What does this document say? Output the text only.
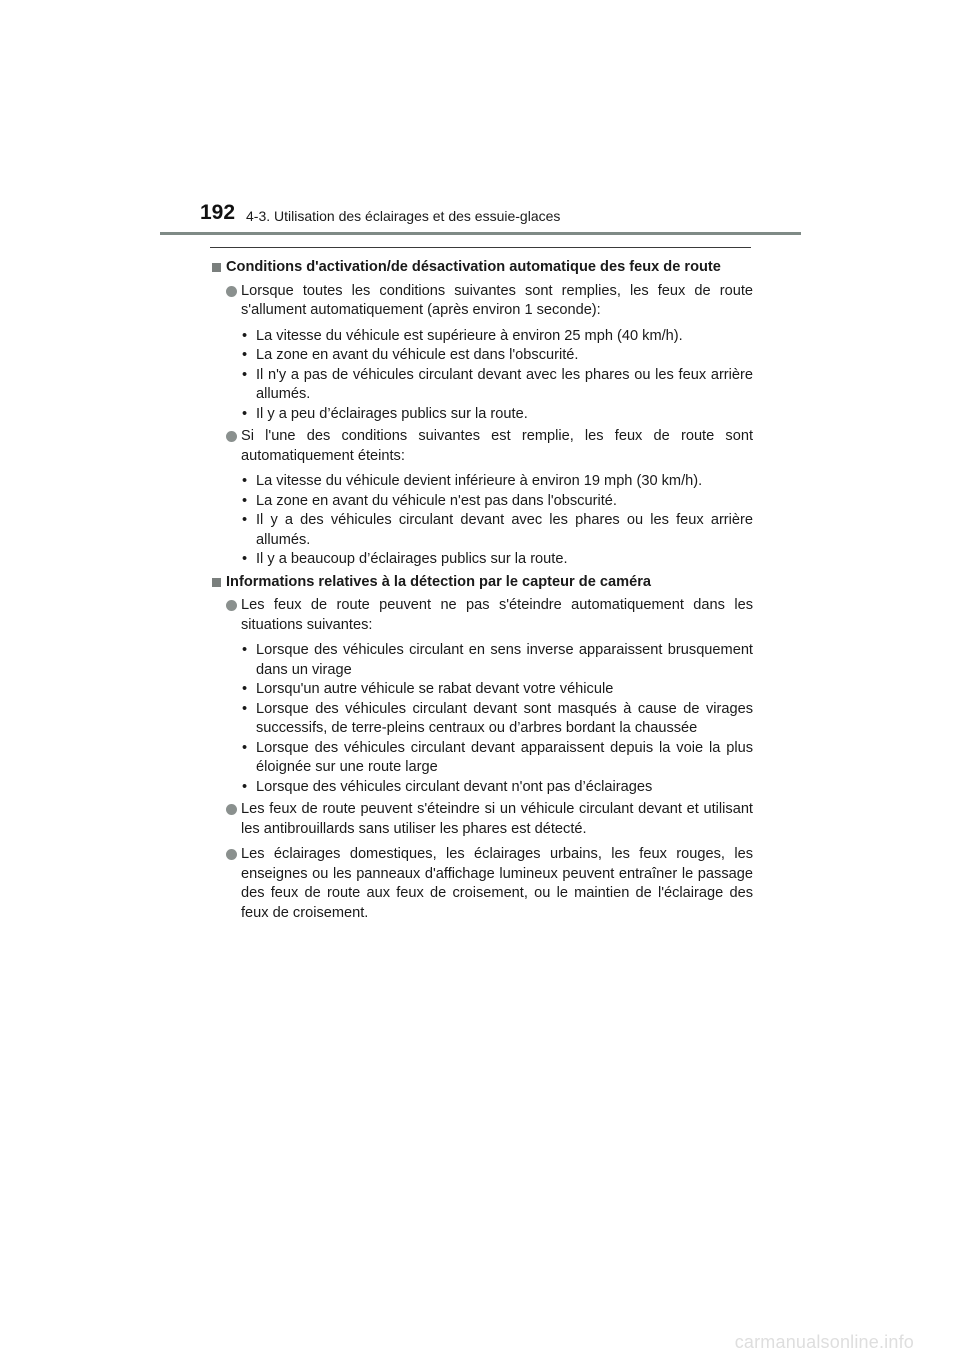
192 4-3. Utilisation des éclairages et des essuie-glaces
Conditions d'activation/de désactivation automatique des feux de route
Lorsque toutes les conditions suivantes sont remplies, les feux de route s'allument automatiquement (après environ 1 seconde):
• La vitesse du véhicule est supérieure à environ 25 mph (40 km/h).
• La zone en avant du véhicule est dans l'obscurité.
• Il n'y a pas de véhicules circulant devant avec les phares ou les feux arrière allumés.
• Il y a peu d’éclairages publics sur la route.
Si l'une des conditions suivantes est remplie, les feux de route sont automatiquement éteints:
• La vitesse du véhicule devient inférieure à environ 19 mph (30 km/h).
• La zone en avant du véhicule n'est pas dans l'obscurité.
• Il y a des véhicules circulant devant avec les phares ou les feux arrière allumés.
• Il y a beaucoup d’éclairages publics sur la route.
Informations relatives à la détection par le capteur de caméra
Les feux de route peuvent ne pas s'éteindre automatiquement dans les situations suivantes:
• Lorsque des véhicules circulant en sens inverse apparaissent brusquement dans un virage
• Lorsqu'un autre véhicule se rabat devant votre véhicule
• Lorsque des véhicules circulant devant sont masqués à cause de virages successifs, de terre-pleins centraux ou d’arbres bordant la chaussée
• Lorsque des véhicules circulant devant apparaissent depuis la voie la plus éloignée sur une route large
• Lorsque des véhicules circulant devant n'ont pas d’éclairages
Les feux de route peuvent s'éteindre si un véhicule circulant devant et utilisant les antibrouillards sans utiliser les phares est détecté.
Les éclairages domestiques, les éclairages urbains, les feux rouges, les enseignes ou les panneaux d'affichage lumineux peuvent entraîner le passage des feux de route aux feux de croisement, ou le maintien de l'éclairage des feux de croisement.
carmanualsonline.info
